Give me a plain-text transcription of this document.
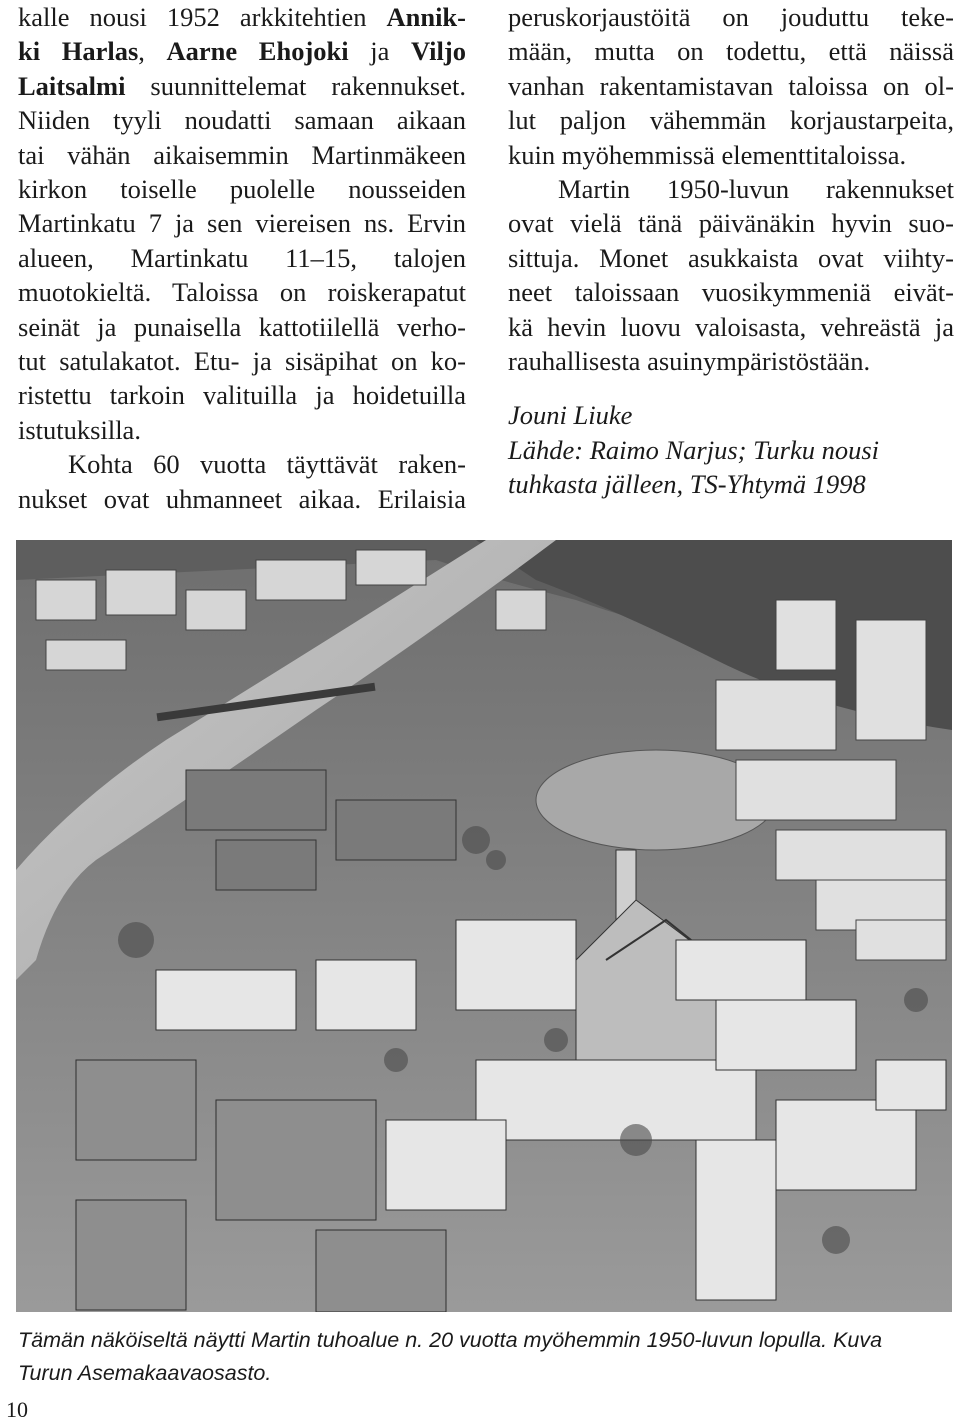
kalle nousi 1952 arkkitehtien Annik-
ki Harlas, Aarne Ehojoki ja Viljo
Laitsalmi suunnittelemat rakennukset.
Niiden tyyli noudatti samaan aikaan
tai vähän aikaisemmin Martinmäkeen
kirkon toiselle puolelle nousseiden
Martinkatu 7 ja sen viereisen ns. Ervin
alueen, Martinkatu 11–15, talojen
muotokieltä. Taloissa on roiskerapatut
seinät ja punaisella kattotiilellä verho-
tut satulakatot. Etu- ja sisäpihat on ko-
ristettu tarkoin valituilla ja hoidetuilla
istutuksilla.
Kohta 60 vuotta täyttävät raken-
nukset ovat uhmanneet aikaa. Erilaisia
peruskorjaustöitä on jouduttu teke-
mään, mutta on todettu, että näissä
vanhan rakentamistavan taloissa on ol-
lut paljon vähemmän korjaustarpeita,
kuin myöhemmissä elementtitaloissa.
Martin 1950-luvun rakennukset
ovat vielä tänä päivänäkin hyvin suo-
sittuja. Monet asukkaista ovat viihty-
neet taloissaan vuosikymmeniä eivät-
kä hevin luovu valoisasta, vehreästä ja
rauhallisesta asuinympäristöstään.
Jouni Liuke
Lähde: Raimo Narjus; Turku nousi
tuhkasta jälleen, TS-Yhtymä 1998
Tämän näköiseltä näytti Martin tuhoalue n. 20 vuotta myöhemmin 1950-luvun lopulla. Kuva
Turun Asemakaavaosasto.
10
